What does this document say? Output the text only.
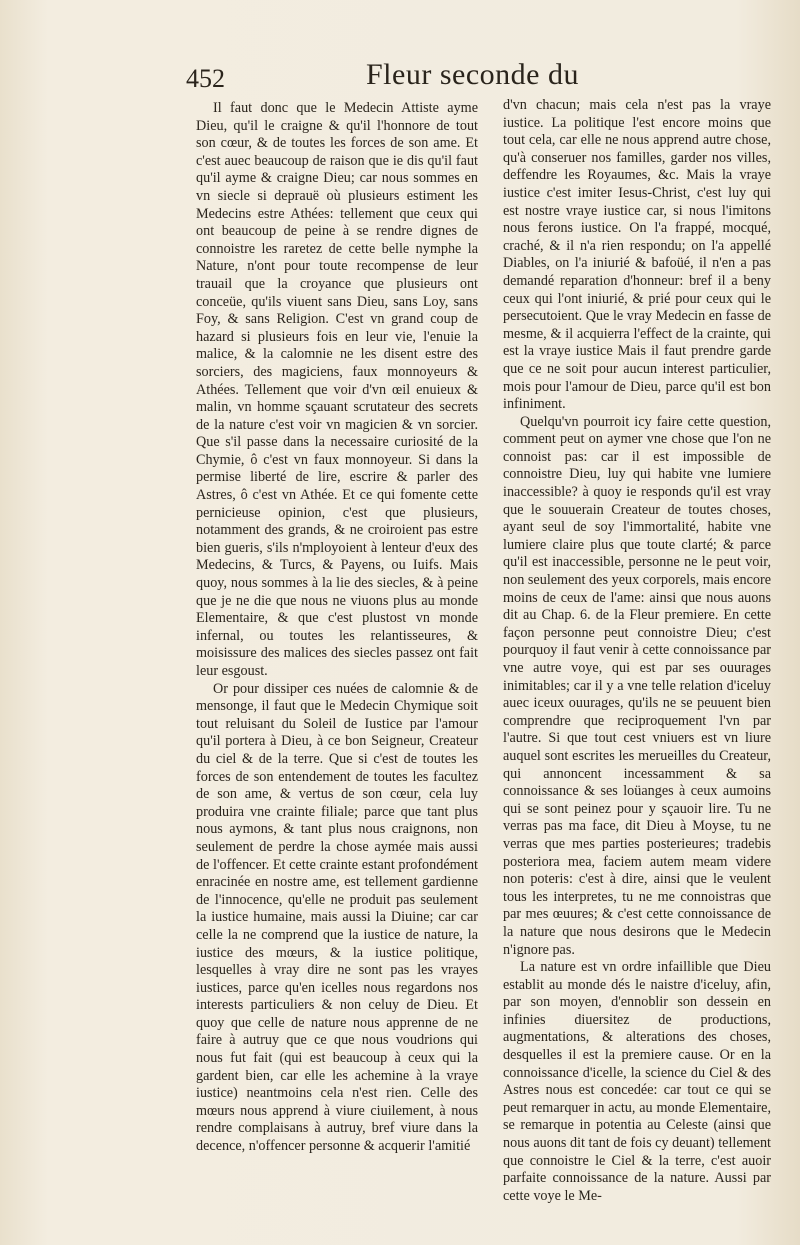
452	Fleur seconde du

Il faut donc que le Medecin Attiste ayme Dieu, qu'il le craigne & qu'il l'honnore de tout son cœur, & de toutes les forces de son ame. Et c'est auec beaucoup de raison que ie dis qu'il faut qu'il ayme & craigne Dieu; car nous sommes en vn siecle si deprauë où plusieurs estiment les Medecins estre Athées: tellement que ceux qui ont beaucoup de peine à se rendre dignes de connoistre les raretez de cette belle nymphe la Nature, n'ont pour toute recompense de leur trauail que la croyance que plusieurs ont conceüe, qu'ils viuent sans Dieu, sans Loy, sans Foy, & sans Religion. C'est vn grand coup de hazard si plusieurs fois en leur vie, l'enuie la malice, & la calomnie ne les disent estre des sorciers, des magiciens, faux monnoyeurs & Athées. Tellement que voir d'vn œil enuieux & malin, vn homme sçauant scrutateur des secrets de la nature c'est voir vn magicien & vn sorcier. Que s'il passe dans la necessaire curiosité de la Chymie, ô c'est vn faux monnoyeur. Si dans la permise liberté de lire, escrire & parler des Astres, ô c'est vn Athée. Et ce qui fomente cette pernicieuse opinion, c'est que plusieurs, notamment des grands, & ne croiroient pas estre bien gueris, s'ils n'mployoient à lenteur d'eux des Medecins, & Turcs, & Payens, ou Iuifs. Mais quoy, nous sommes à la lie des siecles, & à peine que je ne die que nous ne viuons plus au monde Elementaire, & que c'est plustost vn monde infernal, ou toutes les relantisseures, & moisissure des malices des siecles passez ont fait leur esgoust.

Or pour dissiper ces nuées de calomnie & de mensonge, il faut que le Medecin Chymique soit tout reluisant du Soleil de Iustice par l'amour qu'il portera à Dieu, à ce bon Seigneur, Createur du ciel & de la terre. Que si c'est de toutes les forces de son entendement de toutes les facultez de son ame, & vertus de son cœur, cela luy produira vne crainte filiale; parce que tant plus nous aymons, & tant plus nous craignons, non seulement de perdre la chose aymée mais aussi de l'offencer. Et cette crainte estant profondément enracinée en nostre ame, est tellement gardienne de l'innocence, qu'elle ne produit pas seulement la iustice humaine, mais aussi la Diuine; car car celle la ne comprend que la iustice de nature, la iustice des mœurs, & la iustice politique, lesquelles à vray dire ne sont pas les vrayes iustices, parce qu'en icelles nous regardons nos interests particuliers & non celuy de Dieu. Et quoy que celle de nature nous apprenne de ne faire à autruy que ce que nous voudrions qui nous fut fait (qui est beaucoup à ceux qui la gardent bien, car elle les achemine à la vraye iustice) neantmoins cela n'est rien. Celle des mœurs nous apprend à viure ciuilement, à nous rendre complaisans à autruy, bref viure dans la decence, n'offencer personne & acquerir l'amitié

d'vn chacun; mais cela n'est pas la vraye iustice. La politique l'est encore moins que tout cela, car elle ne nous apprend autre chose, qu'à conseruer nos familles, garder nos villes, deffendre les Royaumes, &c. Mais la vraye iustice c'est imiter Iesus-Christ, c'est luy qui est nostre vraye iustice car, si nous l'imitons nous ferons iustice. On l'a frappé, mocqué, craché, & il n'a rien respondu; on l'a appellé Diables, on l'a iniurié & bafoüé, il n'en a pas demandé reparation d'honneur: bref il a beny ceux qui l'ont iniurié, & prié pour ceux qui le persecutoient. Que le vray Medecin en fasse de mesme, & il acquierra l'effect de la crainte, qui est la vraye iustice Mais il faut prendre garde que ce ne soit pour aucun interest particulier, mois pour l'amour de Dieu, parce qu'il est bon infiniment.

Quelqu'vn pourroit icy faire cette question, comment peut on aymer vne chose que l'on ne connoist pas: car il est impossible de connoistre Dieu, luy qui habite vne lumiere inaccessible? à quoy ie responds qu'il est vray que le souuerain Createur de toutes choses, ayant seul de soy l'immortalité, habite vne lumiere claire plus que toute clarté; & parce qu'il est inaccessible, personne ne le peut voir, non seulement des yeux corporels, mais encore moins de ceux de l'ame: ainsi que nous auons dit au Chap. 6. de la Fleur premiere. En cette façon personne peut connoistre Dieu; c'est pourquoy il faut venir à cette connoissance par vne autre voye, qui est par ses ouurages inimitables; car il y a vne telle relation d'iceluy auec iceux ouurages, qu'ils ne se peuuent bien comprendre que reciproquement l'vn par l'autre. Si que tout cest vniuers est vn liure auquel sont escrites les merueilles du Createur, qui annoncent incessamment & sa connoissance & ses loüanges à ceux aumoins qui se sont peinez pour y sçauoir lire. Tu ne verras pas ma face, dit Dieu à Moyse, tu ne verras que mes parties posterieures; tradebis posteriora mea, faciem autem meam videre non poteris: c'est à dire, ainsi que le veulent tous les interpretes, tu ne me connoistras que par mes œuures; & c'est cette connoissance de la nature que nous desirons que le Medecin n'ignore pas.

La nature est vn ordre infaillible que Dieu establit au monde dés le naistre d'iceluy, afin, par son moyen, d'ennoblir son dessein en infinies diuersitez de productions, augmentations, & alterations des choses, desquelles il est la premiere cause. Or en la connoissance d'icelle, la science du Ciel & des Astres nous est concedée: car tout ce qui se peut remarquer in actu, au monde Elementaire, se remarque in potentia au Celeste (ainsi que nous auons dit tant de fois cy deuant) tellement que connoistre le Ciel & la terre, c'est auoir parfaite connoissance de la nature. Aussi par cette voye le Me-
